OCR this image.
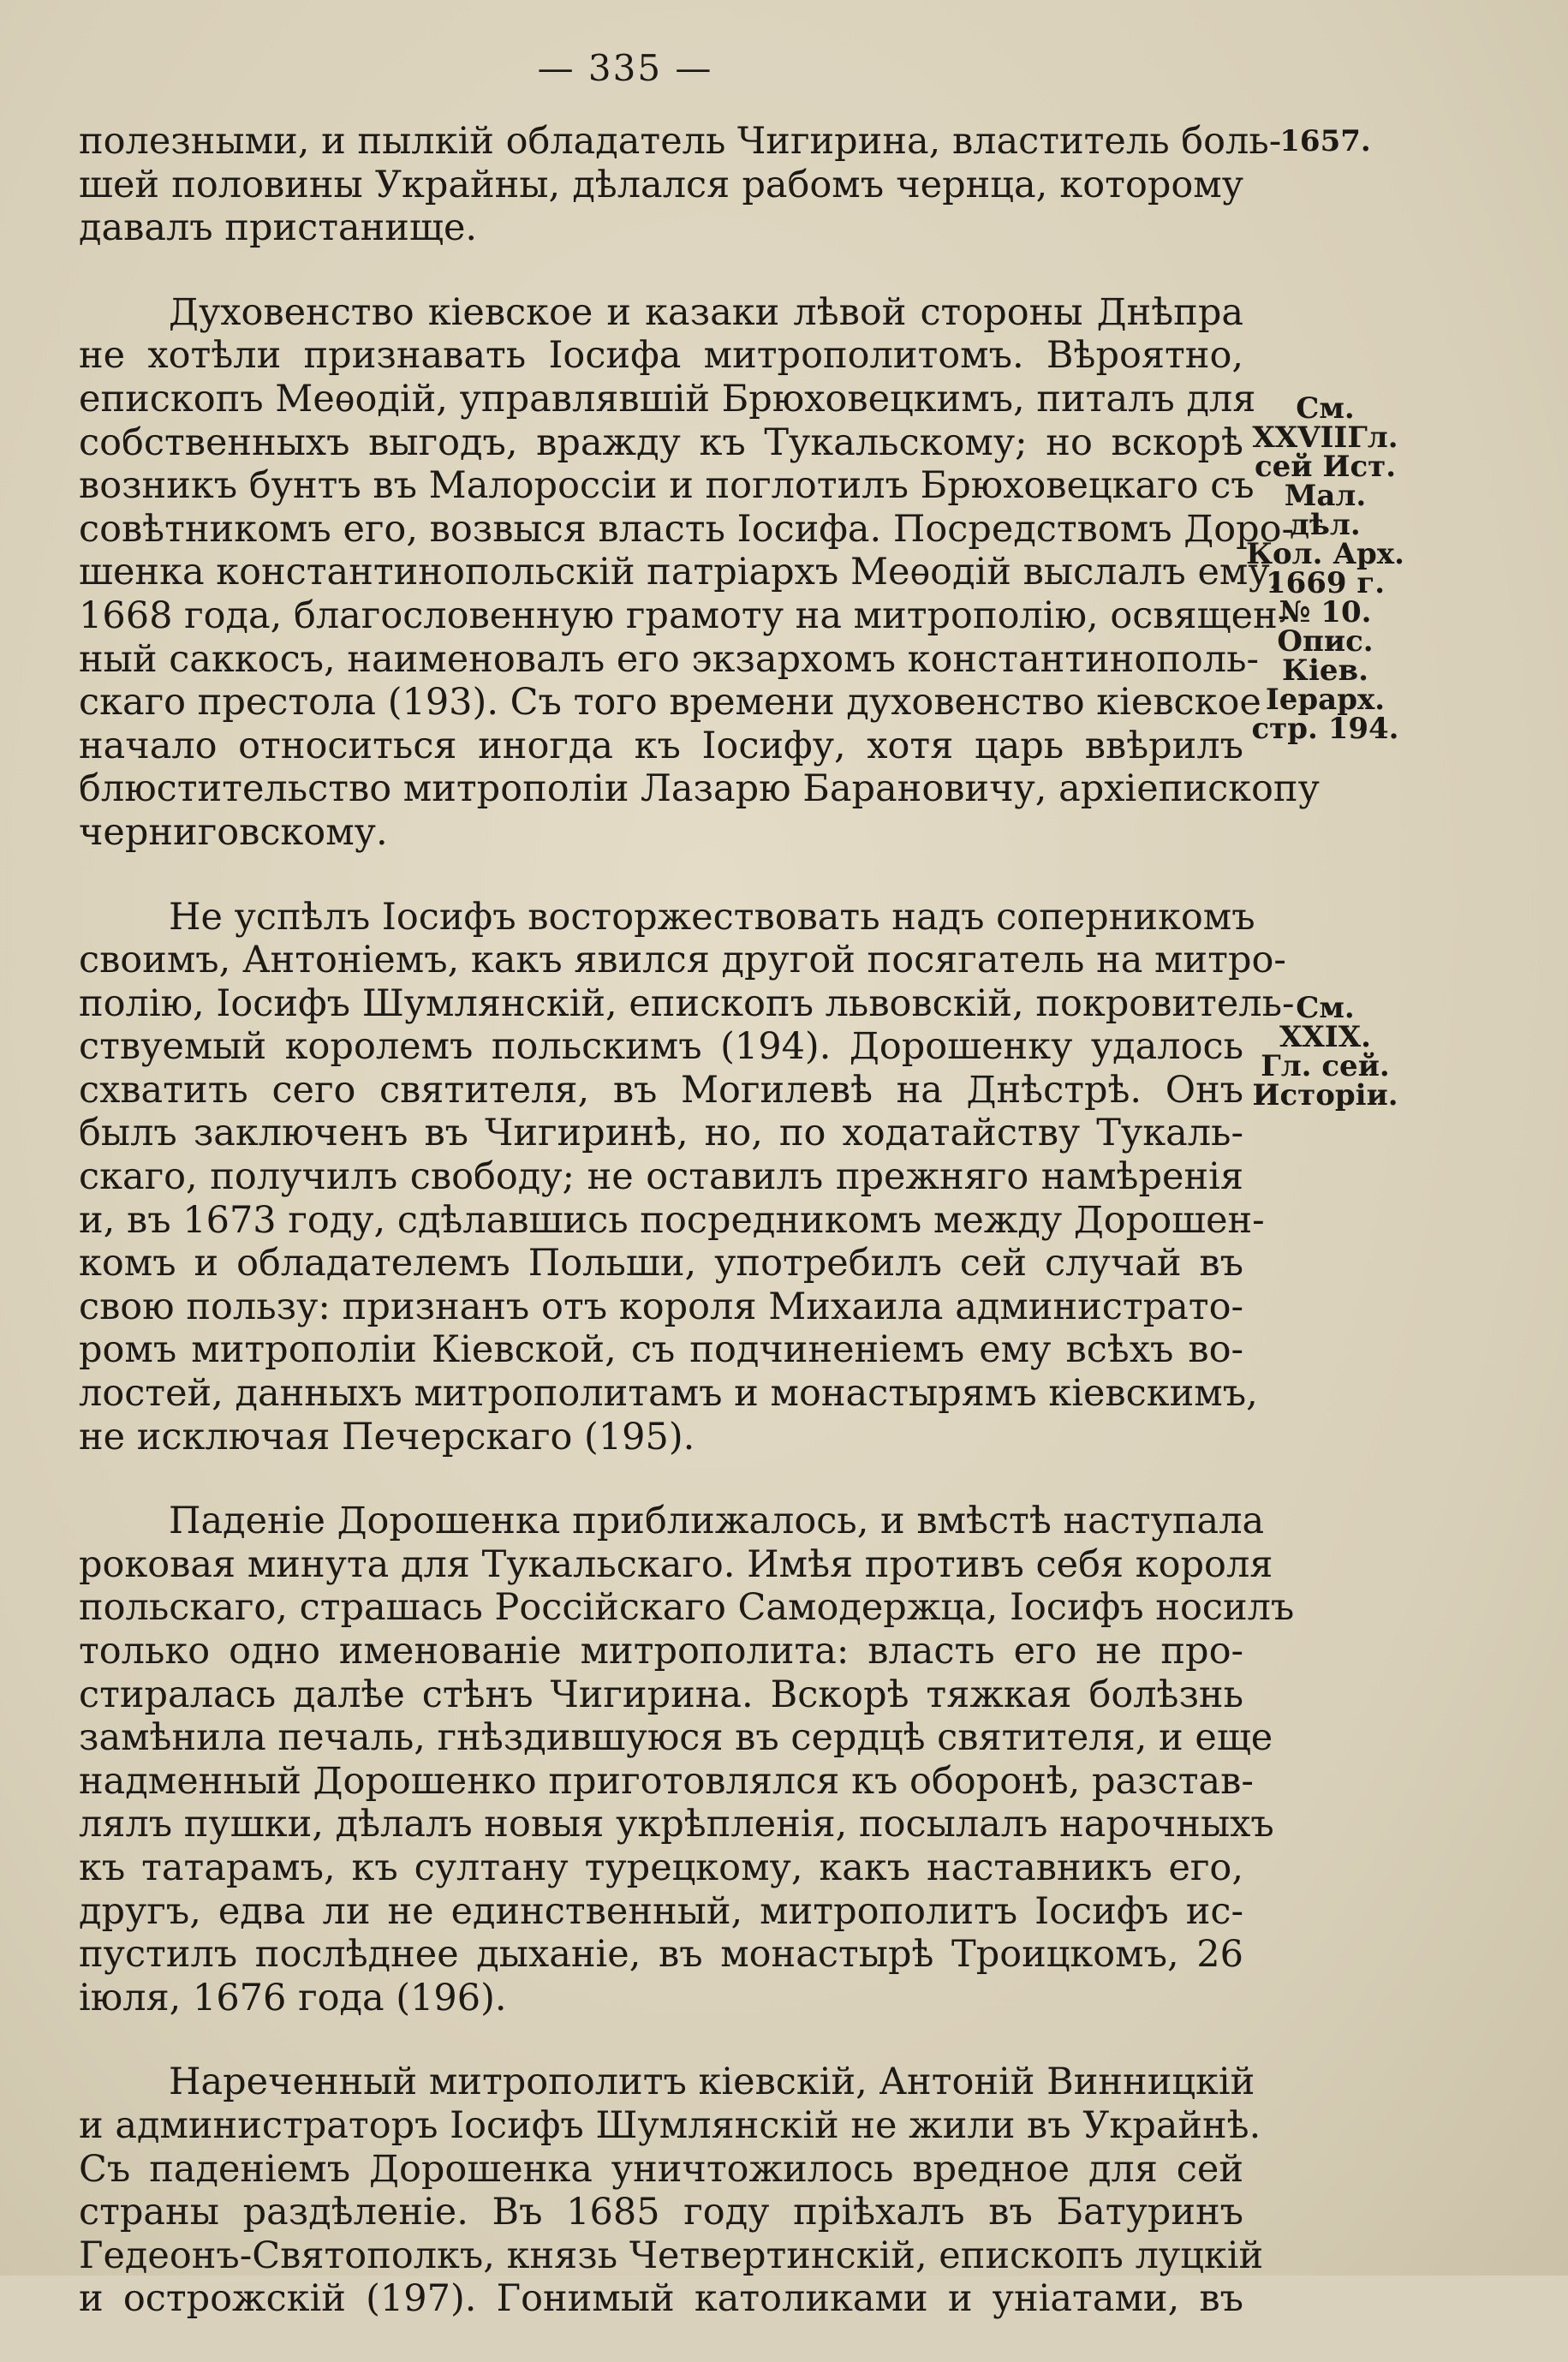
— 335 —
1657.
См.
XXVIIГл.
сей Ист.
Мал. дѣл.
Кол. Арх.
1669 г.
№ 10.
Опис.
Кiев.
Iерарх.
стр. 194.
См. XXIX.
Гл. сей.
Исторiи.
полезными, и пылкiй обладатель Чигирина, властитель боль-
шей половины Украйны, дѣлался рабомъ чернца, которому
давалъ пристанище.
Духовенство кiевское и казаки лѣвой стороны Днѣпра
не хотѣли признавать Iосифа митрополитомъ. Вѣроятно,
епископъ Меѳодiй, управлявшiй Брюховецкимъ, питалъ для
собственныхъ выгодъ, вражду къ Тукальскому; но вскорѣ
возникъ бунтъ въ Малороссiи и поглотилъ Брюховецкаго съ
совѣтникомъ его, возвыся власть Iосифа. Посредствомъ Доро-
шенка константинопольскiй патрiархъ Меѳодiй выслалъ ему,
1668 года, благословенную грамоту на митрополiю, освящен-
ный саккосъ, наименовалъ его экзархомъ константинополь-
скаго престола (193). Съ того времени духовенство кiевское
начало относиться иногда къ Iосифу, хотя царь ввѣрилъ
блюстительство митрополiи Лазарю Барановичу, архiепископу
черниговскому.
Не успѣлъ Iосифъ восторжествовать надъ соперникомъ
своимъ, Антонiемъ, какъ явился другой посягатель на митро-
полiю, Iосифъ Шумлянскiй, епископъ львовскiй, покровитель-
ствуемый королемъ польскимъ (194). Дорошенку удалось
схватить сего святителя, въ Могилевѣ на Днѣстрѣ. Онъ
былъ заключенъ въ Чигиринѣ, но, по ходатайству Тукаль-
скаго, получилъ свободу; не оставилъ прежняго намѣренiя
и, въ 1673 году, сдѣлавшись посредникомъ между Дорошен-
комъ и обладателемъ Польши, употребилъ сей случай въ
свою пользу: признанъ отъ короля Михаила администрато-
ромъ митрополiи Кiевской, съ подчиненiемъ ему всѣхъ во-
лостей, данныхъ митрополитамъ и монастырямъ кiевскимъ,
не исключая Печерскаго (195).
Паденiе Дорошенка приближалось, и вмѣстѣ наступала
роковая минута для Тукальскаго. Имѣя противъ себя короля
польскаго, страшась Россiйскаго Самодержца, Iосифъ носилъ
только одно именованiе митрополита: власть его не про-
стиралась далѣе стѣнъ Чигирина. Вскорѣ тяжкая болѣзнь
замѣнила печаль, гнѣздившуюся въ сердцѣ святителя, и еще
надменный Дорошенко приготовлялся къ оборонѣ, разстав-
лялъ пушки, дѣлалъ новыя укрѣпленiя, посылалъ нарочныхъ
къ татарамъ, къ султану турецкому, какъ наставникъ его,
другъ, едва ли не единственный, митрополитъ Iосифъ ис-
пустилъ послѣднее дыханiе, въ монастырѣ Троицкомъ, 26
iюля, 1676 года (196).
Нареченный митрополитъ кiевскiй, Антонiй Винницкiй
и администраторъ Iосифъ Шумлянскiй не жили въ Украйнѣ.
Съ паденiемъ Дорошенка уничтожилось вредное для сей
страны раздѣленiе. Въ 1685 году прiѣхалъ въ Батуринъ
Гедеонъ-Святополкъ, князь Четвертинскiй, епископъ луцкiй
и острожскiй (197). Гонимый католиками и унiатами, въ
